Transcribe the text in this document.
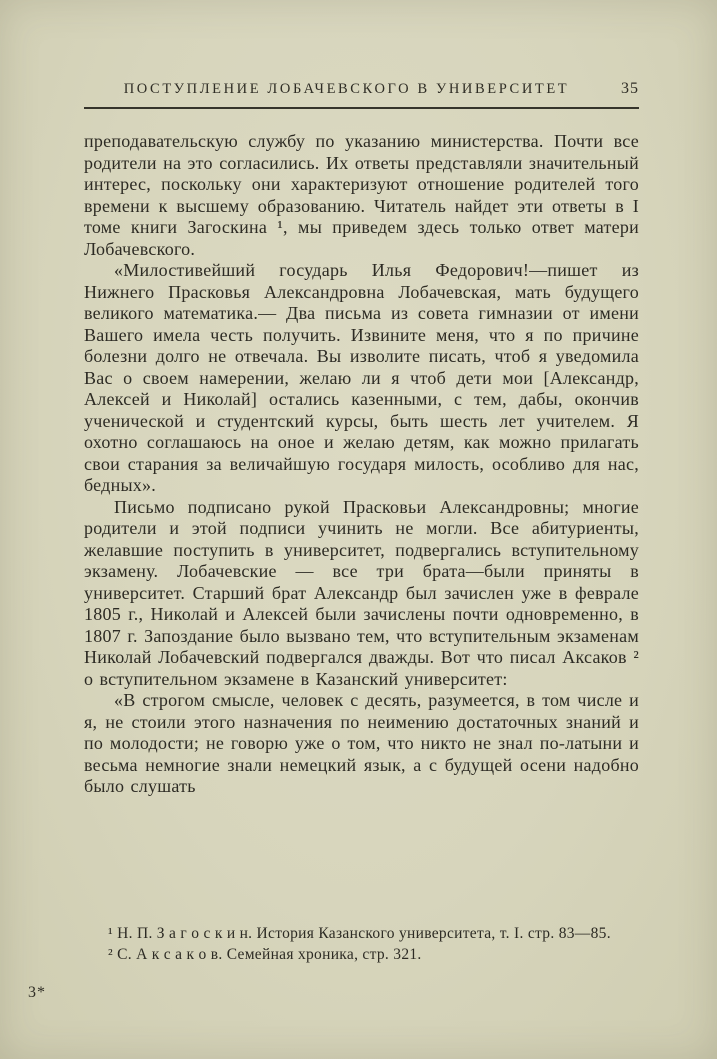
ПОСТУПЛЕНИЕ ЛОБАЧЕВСКОГО В УНИВЕРСИТЕТ	35

преподавательскую службу по указанию министерства. Почти все родители на это согласились. Их ответы представляли значительный интерес, поскольку они характеризуют отношение родителей того времени к высшему образованию. Читатель найдет эти ответы в I томе книги Загоскина ¹, мы приведем здесь только ответ матери Лобачевского.

«Милостивейший государь Илья Федорович!—пишет из Нижнего Прасковья Александровна Лобачевская, мать будущего великого математика.— Два письма из совета гимназии от имени Вашего имела честь получить. Извините меня, что я по причине болезни долго не отвечала. Вы изволите писать, чтоб я уведомила Вас о своем намерении, желаю ли я чтоб дети мои [Александр, Алексей и Николай] остались казенными, с тем, дабы, окончив ученической и студентский курсы, быть шесть лет учителем. Я охотно соглашаюсь на оное и желаю детям, как можно прилагать свои старания за величайшую государя милость, особливо для нас, бедных».

Письмо подписано рукой Прасковьи Александровны; многие родители и этой подписи учинить не могли. Все абитуриенты, желавшие поступить в университет, подвергались вступительному экзамену. Лобачевские — все три брата—были приняты в университет. Старший брат Александр был зачислен уже в феврале 1805 г., Николай и Алексей были зачислены почти одновременно, в 1807 г. Запоздание было вызвано тем, что вступительным экзаменам Николай Лобачевский подвергался дважды. Вот что писал Аксаков ² о вступительном экзамене в Казанский университет:

«В строгом смысле, человек с десять, разумеется, в том числе и я, не стоили этого назначения по неимению достаточных знаний и по молодости; не говорю уже о том, что никто не знал по-латыни и весьма немногие знали немецкий язык, а с будущей осени надобно было слушать

¹ Н. П. З а г о с к и н. История Казанского университета, т. I. стр. 83—85.

² С. А к с а к о в. Семейная хроника, стр. 321.

3*
